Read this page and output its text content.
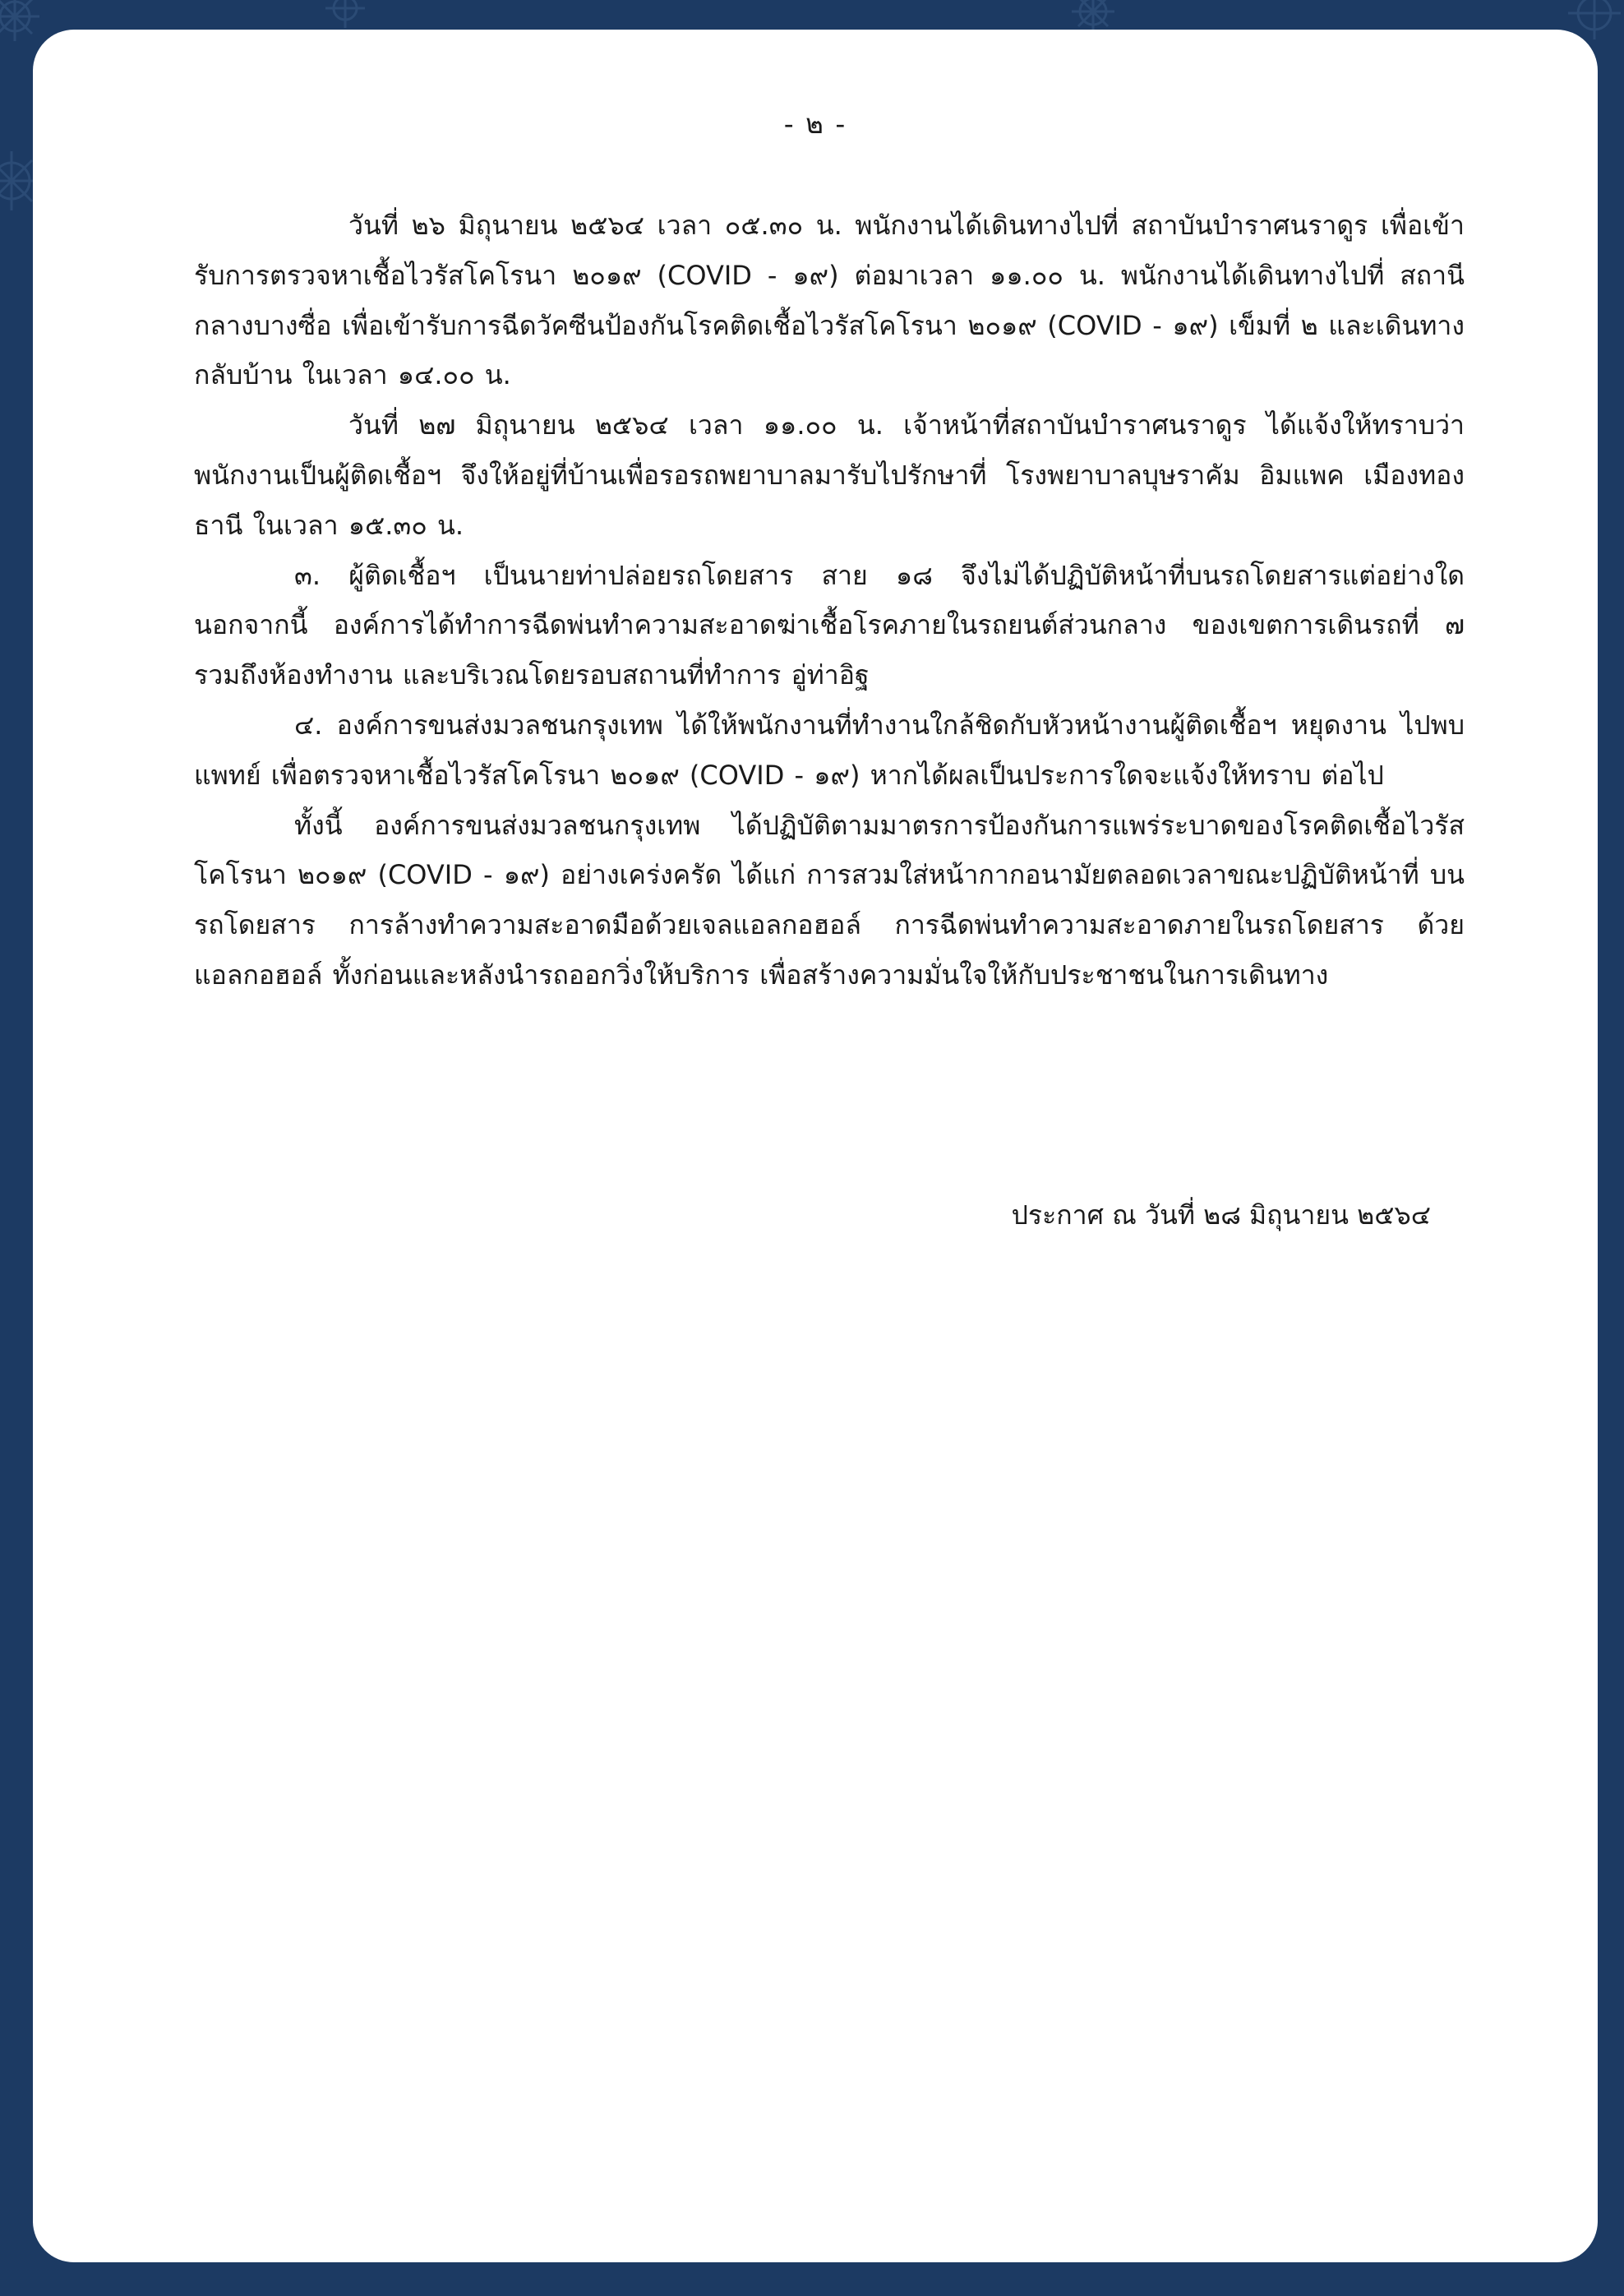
- ๒ -

วันที่ ๒๖ มิถุนายน ๒๕๖๔ เวลา ๐๕.๓๐ น. พนักงานได้เดินทางไปที่ สถาบันบำราศนราดูร เพื่อเข้ารับการตรวจหาเชื้อไวรัสโคโรนา ๒๐๑๙ (COVID - ๑๙) ต่อมาเวลา ๑๑.๐๐ น. พนักงานได้เดินทางไปที่ สถานีกลางบางซื่อ เพื่อเข้ารับการฉีดวัคซีนป้องกันโรคติดเชื้อไวรัสโคโรนา ๒๐๑๙ (COVID - ๑๙) เข็มที่ ๒ และเดินทางกลับบ้าน ในเวลา ๑๔.๐๐ น.

วันที่ ๒๗ มิถุนายน ๒๕๖๔ เวลา ๑๑.๐๐ น. เจ้าหน้าที่สถาบันบำราศนราดูร ได้แจ้งให้ทราบว่า พนักงานเป็นผู้ติดเชื้อฯ จึงให้อยู่ที่บ้านเพื่อรอรถพยาบาลมารับไปรักษาที่ โรงพยาบาลบุษราคัม อิมแพค เมืองทองธานี ในเวลา ๑๕.๓๐ น.

๓. ผู้ติดเชื้อฯ เป็นนายท่าปล่อยรถโดยสาร สาย ๑๘ จึงไม่ได้ปฏิบัติหน้าที่บนรถโดยสารแต่อย่างใด นอกจากนี้ องค์การได้ทำการฉีดพ่นทำความสะอาดฆ่าเชื้อโรคภายในรถยนต์ส่วนกลาง ของเขตการเดินรถที่ ๗ รวมถึงห้องทำงาน และบริเวณโดยรอบสถานที่ทำการ อู่ท่าอิฐ

๔. องค์การขนส่งมวลชนกรุงเทพ ได้ให้พนักงานที่ทำงานใกล้ชิดกับหัวหน้างานผู้ติดเชื้อฯ หยุดงาน ไปพบแพทย์ เพื่อตรวจหาเชื้อไวรัสโคโรนา ๒๐๑๙ (COVID - ๑๙) หากได้ผลเป็นประการใดจะแจ้งให้ทราบ ต่อไป

ทั้งนี้ องค์การขนส่งมวลชนกรุงเทพ ได้ปฏิบัติตามมาตรการป้องกันการแพร่ระบาดของโรคติดเชื้อไวรัส โคโรนา ๒๐๑๙ (COVID - ๑๙) อย่างเคร่งครัด ได้แก่ การสวมใส่หน้ากากอนามัยตลอดเวลาขณะปฏิบัติหน้าที่ บนรถโดยสาร การล้างทำความสะอาดมือด้วยเจลแอลกอฮอล์ การฉีดพ่นทำความสะอาดภายในรถโดยสาร ด้วยแอลกอฮอล์ ทั้งก่อนและหลังนำรถออกวิ่งให้บริการ เพื่อสร้างความมั่นใจให้กับประชาชนในการเดินทาง

ประกาศ ณ วันที่ ๒๘ มิถุนายน ๒๕๖๔
